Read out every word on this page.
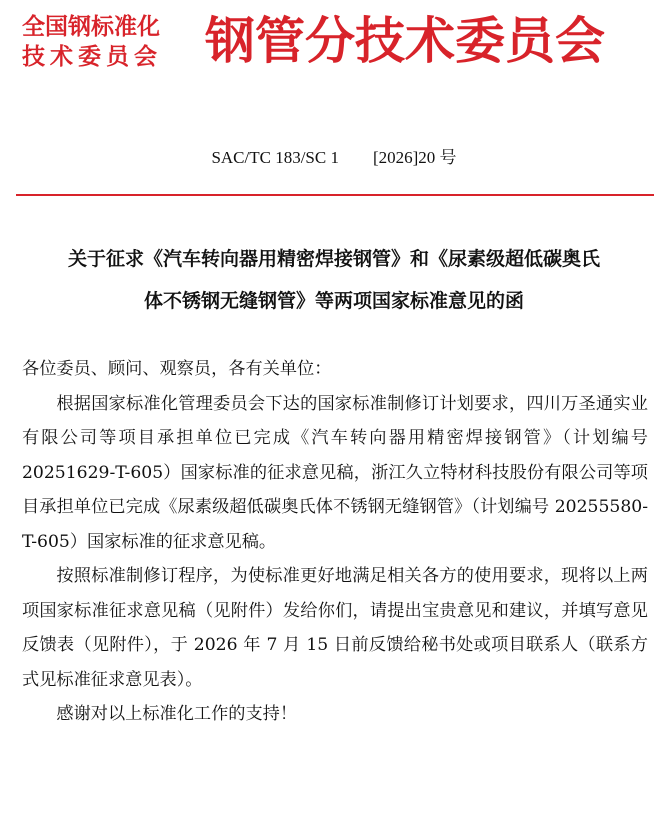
全国钢标准化
技术委员会 钢管分技术委员会
SAC/TC 183/SC 1 [2026]20 号
关于征求《汽车转向器用精密焊接钢管》和《尿素级超低碳奥氏
体不锈钢无缝钢管》等两项国家标准意见的函

各位委员、顾问、观察员，各有关单位：

根据国家标准化管理委员会下达的国家标准制修订计划要求，四川万圣通实业有限公司等项目承担单位已完成《汽车转向器用精密焊接钢管》（计划编号 20251629-T-605）国家标准的征求意见稿，浙江久立特材科技股份有限公司等项目承担单位已完成《尿素级超低碳奥氏体不锈钢无缝钢管》（计划编号 20255580-T-605）国家标准的征求意见稿。

按照标准制修订程序，为使标准更好地满足相关各方的使用要求，现将以上两项国家标准征求意见稿（见附件）发给你们，请提出宝贵意见和建议，并填写意见反馈表（见附件），于 2026 年 7 月 15 日前反馈给秘书处或项目联系人（联系方式见标准征求意见表）。

感谢对以上标准化工作的支持！
